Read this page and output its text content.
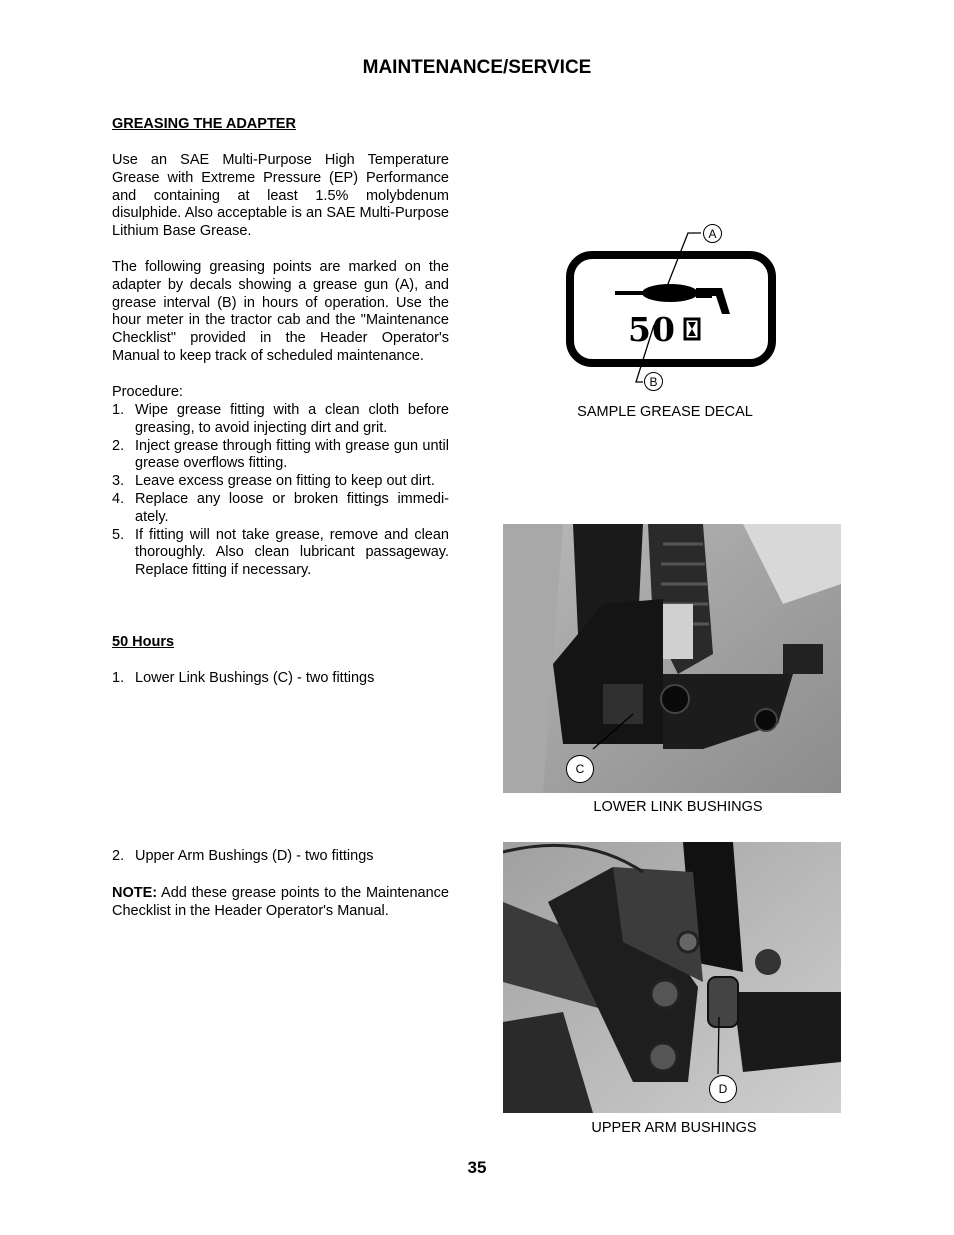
MAINTENANCE/SERVICE
GREASING THE ADAPTER
Use an SAE Multi-Purpose High Temperature Grease with Extreme Pressure (EP) Performance and containing at least 1.5% molybdenum disulphide. Also acceptable is an SAE Multi-Purpose Lithium Base Grease.
The following greasing points are marked on the adapter by decals showing a grease gun (A), and grease interval (B) in hours of operation. Use the hour meter in the tractor cab and the "Maintenance Checklist" provided in the Header Operator's Manual to keep track of scheduled maintenance.
Procedure:
1. Wipe grease fitting with a clean cloth before greasing, to avoid injecting dirt and grit.
2. Inject grease through fitting with grease gun until grease overflows fitting.
3. Leave excess grease on fitting to keep out dirt.
4. Replace any loose or broken fittings immedi-ately.
5. If fitting will not take grease, remove and clean thoroughly. Also clean lubricant passageway. Replace fitting if necessary.
50 Hours
1. Lower Link Bushings (C) - two fittings
2. Upper Arm Bushings (D) - two fittings
NOTE: Add these grease points to the Maintenance Checklist in the Header Operator's Manual.
50
A
B
SAMPLE GREASE DECAL
C
LOWER LINK BUSHINGS
D
UPPER ARM BUSHINGS
35
